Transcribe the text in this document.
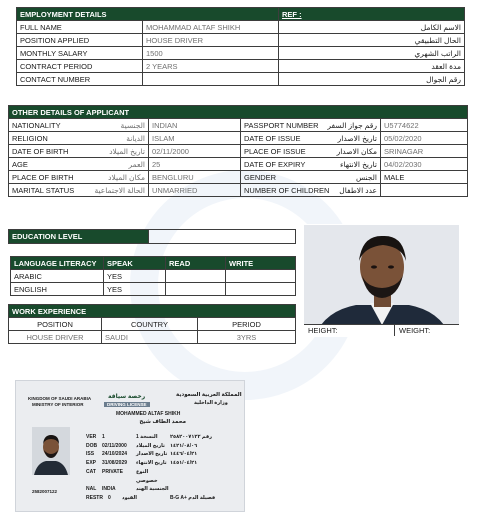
EMPLOYMENT DETAILS		REF :
FULL NAME	MOHAMMAD ALTAF SHIKH	الاسم الكامل
POSITION APPLIED	HOUSE DRIVER	الحال التطبيقي
MONTHLY SALARY	1500	الراتب الشهري
CONTRACT PERIOD	2 YEARS	مدة العقد
CONTACT NUMBER		رقم الجوال
OTHER DETAILS OF APPLICANT			

NATIONALITY الجنسية	INDIAN	PASSPORT NUMBER رقم جواز السفر	U5774622

RELIGION الديانة	ISLAM	DATE OF ISSUE تاريخ الاصدار	05/02/2020

DATE OF BIRTH تاريخ الميلاد	02/11/2000	PLACE OF ISSUE مكان الاصدار	SRINAGAR

AGE العمر	25	DATE OF EXPIRY تاريخ الانتهاء	04/02/2030

PLACE OF BIRTH مكان الميلاد	BENGLURU	GENDER الجنس	MALE

MARITAL STATUS الحالة الاجتماعية	UNMARRIED	NUMBER OF CHILDREN عدد الاطفال	

EDUCATION LEVEL	
LANGUAGE LITERACY	SPEAK	READ	WRITE
ARABIC	YES		
ENGLISH	YES		
WORK EXPERIENCE		
POSITION	COUNTRY	PERIOD
HOUSE DRIVER	SAUDI	3YRS
HEIGHT:	WEIGHT:
KINGDOM OF SAUDI ARABIA
MINISTRY OF INTERIOR
رخصة سياقة
DRIVING LICENSE
المملكة العربية السعودية
وزارة الداخلية
MOHAMMED ALTAF SHIKH
محمد الطاف شيخ
2582007122
VER	1	النسخة 1	رقم ٢٥٨٢٠٠٧١٢٢
DOB 02/11/2000	تاريخ الميلاد	١٤٢١/٠٨/٠٦
ISS	24/10/2024	تاريخ الاصدار ١٤٤٦/٠٤/٢١
EXP	31/08/2029	تاريخ الانتهاء ١٤٥١/٠٤/٢١
CAT	PRIVATE	النوع خصوصي
NAL	INDIA	الجنسية الهند
RESTR	0	القيود	B-G A+ فصيلة الدم
